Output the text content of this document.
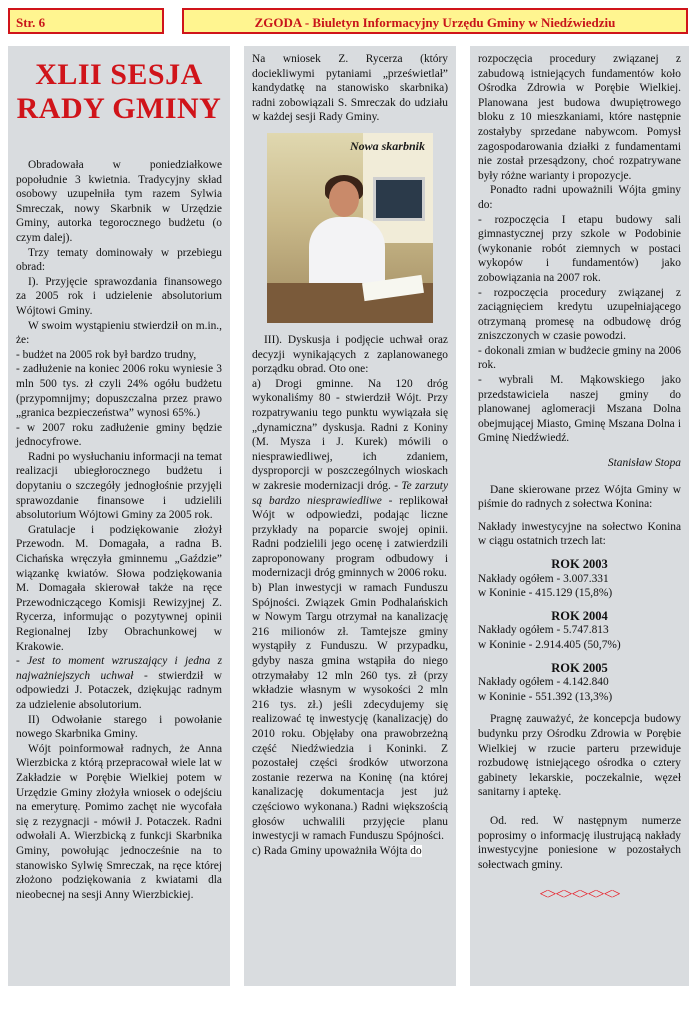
Str. 6	ZGODA - Biuletyn Informacyjny Urzędu Gminy w Niedźwiedziu

XLII SESJA
RADY GMINY

Obradowała w poniedziałkowe popołudnie 3 kwietnia. Tradycyjny skład osobowy uzupełniła tym razem Sylwia Smreczak, nowy Skarbnik w Urzędzie Gminy, autorka tegorocznego budżetu (o czym dalej).

Trzy tematy dominowały w przebiegu obrad:

I). Przyjęcie sprawozdania finansowego za 2005 rok i udzielenie absolutorium Wójtowi Gminy.

W swoim wystąpieniu stwierdził on m.in., że:

- budżet na 2005 rok był bardzo trudny,

- zadłużenie na koniec 2006 roku wyniesie 3 mln 500 tys. zł czyli 24% ogółu budżetu (przypomnijmy; dopuszczalna przez prawo „granica bezpieczeństwa” wynosi 65%.)

- w 2007 roku zadłużenie gminy będzie jednocyfrowe.

Radni po wysłuchaniu informacji na temat realizacji ubiegłorocznego budżetu i dopytaniu o szczegóły jednogłośnie przyjęli sprawozdanie finansowe i udzielili absolutorium Wójtowi Gminy za 2005 rok.

Gratulacje i podziękowanie złożył Przewodn. M. Domagała, a radna B. Cichańska wręczyła gminnemu „Gaździe” wiązankę kwiatów. Słowa podziękowania M. Domagała skierował także na ręce Przewodniczącego Komisji Rewizyjnej Z. Rycerza, informując o pozytywnej opinii Regionalnej Izby Obrachunkowej w Krakowie.

- Jest to moment wzruszający i jedna z najważniejszych uchwał - stwierdził w odpowiedzi J. Potaczek, dziękując radnym za udzielenie absolutorium.

II) Odwołanie starego i powołanie nowego Skarbnika Gminy.

Wójt poinformował radnych, że Anna Wierzbicka z którą przepracował wiele lat w Zakładzie w Porębie Wielkiej potem w Urzędzie Gminy złożyła wniosek o odejściu na emeryturę. Pomimo zachęt nie wycofała się z rezygnacji - mówił J. Potaczek. Radni odwołali A. Wierzbicką z funkcji Skarbnika Gminy, powołując jednocześnie na to stanowisko Sylwię Smreczak, na ręce której złożono podziękowania z kwiatami dla nieobecnej na sesji Anny Wierzbickiej.

Na wniosek Z. Rycerza (który dociekliwymi pytaniami „prześwietlał” kandydatkę na stanowisko skarbnika) radni zobowiązali S. Smreczak do udziału w każdej sesji Rady Gminy.

Nowa skarbnik

III). Dyskusja i podjęcie uchwał oraz decyzji wynikających z zaplanowanego porządku obrad. Oto one:

a) Drogi gminne. Na 120 dróg wykonaliśmy 80 - stwierdził Wójt. Przy rozpatrywaniu tego punktu wywiązała się „dynamiczna” dyskusja. Radni z Koniny (M. Mysza i J. Kurek) mówili o niesprawiedliwej, ich zdaniem, dysproporcji w poszczególnych wioskach w zakresie modernizacji dróg. - Te zarzuty są bardzo niesprawiedliwe - replikował Wójt w odpowiedzi, podając liczne przykłady na poparcie swojej opinii. Radni podzielili jego ocenę i zatwierdzili zaproponowany program odbudowy i modernizacji dróg gminnych w 2006 roku.

b) Plan inwestycji w ramach Funduszu Spójności. Związek Gmin Podhalańskich w Nowym Targu otrzymał na kanalizację 216 milionów zł. Tamtejsze gminy wystąpiły z Funduszu. W przypadku, gdyby nasza gmina wstąpiła do niego otrzymałaby 12 mln 260 tys. zł (przy wkładzie własnym w wysokości 2 mln 216 tys. zł.) jeśli zdecydujemy się realizować tę inwestycję (kanalizację) do 2010 roku. Objęłaby ona prawobrzeżną część Niedźwiedzia i Koninki. Z pozostałej części środków utworzona zostanie rezerwa na Koninę (na której kanalizację dokumentacja jest już częściowo wykonana.) Radni większością głosów uchwalili przyjęcie planu inwestycji w ramach Funduszu Spójności.

c) Rada Gminy upoważniła Wójta do

rozpoczęcia procedury związanej z zabudową istniejących fundamentów koło Ośrodka Zdrowia w Porębie Wielkiej. Planowana jest budowa dwupiętrowego bloku z 10 mieszkaniami, które następnie zostałyby sprzedane nabywcom. Pomysł zagospodarowania działki z fundamentami nie został przesądzony, choć rozpatrywane były różne warianty i propozycje.

Ponadto radni upoważnili Wójta gminy do:

- rozpoczęcia I etapu budowy sali gimnastycznej przy szkole w Podobinie (wykonanie robót ziemnych w postaci wykopów i fundamentów) jako zobowiązania na 2007 rok.

- rozpoczęcia procedury związanej z zaciągnięciem kredytu uzupełniającego otrzymaną promesę na odbudowę dróg zniszczonych w czasie powodzi.

- dokonali zmian w budżecie gminy na 2006 rok.

- wybrali M. Mąkowskiego jako przedstawiciela naszej gminy do planowanej aglomeracji Mszana Dolna obejmującej Miasto, Gminę Mszana Dolna i Gminę Niedźwiedź.

Stanisław Stopa

Dane skierowane przez Wójta Gminy w piśmie do radnych z sołectwa Konina:

Nakłady inwestycyjne na sołectwo Konina w ciągu ostatnich trzech lat:

ROK 2003

Nakłady ogółem - 3.007.331

w Koninie - 415.129 (15,8%)

ROK 2004

Nakłady ogółem - 5.747.813

w Koninie - 2.914.405 (50,7%)

ROK 2005

Nakłady ogółem - 4.142.840

w Koninie - 551.392 (13,3%)

Pragnę zauważyć, że koncepcja budowy budynku przy Ośrodku Zdrowia w Porębie Wielkiej w rzucie parteru przewiduje rozbudowę istniejącego ośrodka o cztery gabinety lekarskie, poczekalnie, węzeł sanitarny i aptekę.

Od. red. W następnym numerze poprosimy o informację ilustrującą nakłady inwestycyjne poniesione w pozostałych sołectwach gminy.

<><><><><>
